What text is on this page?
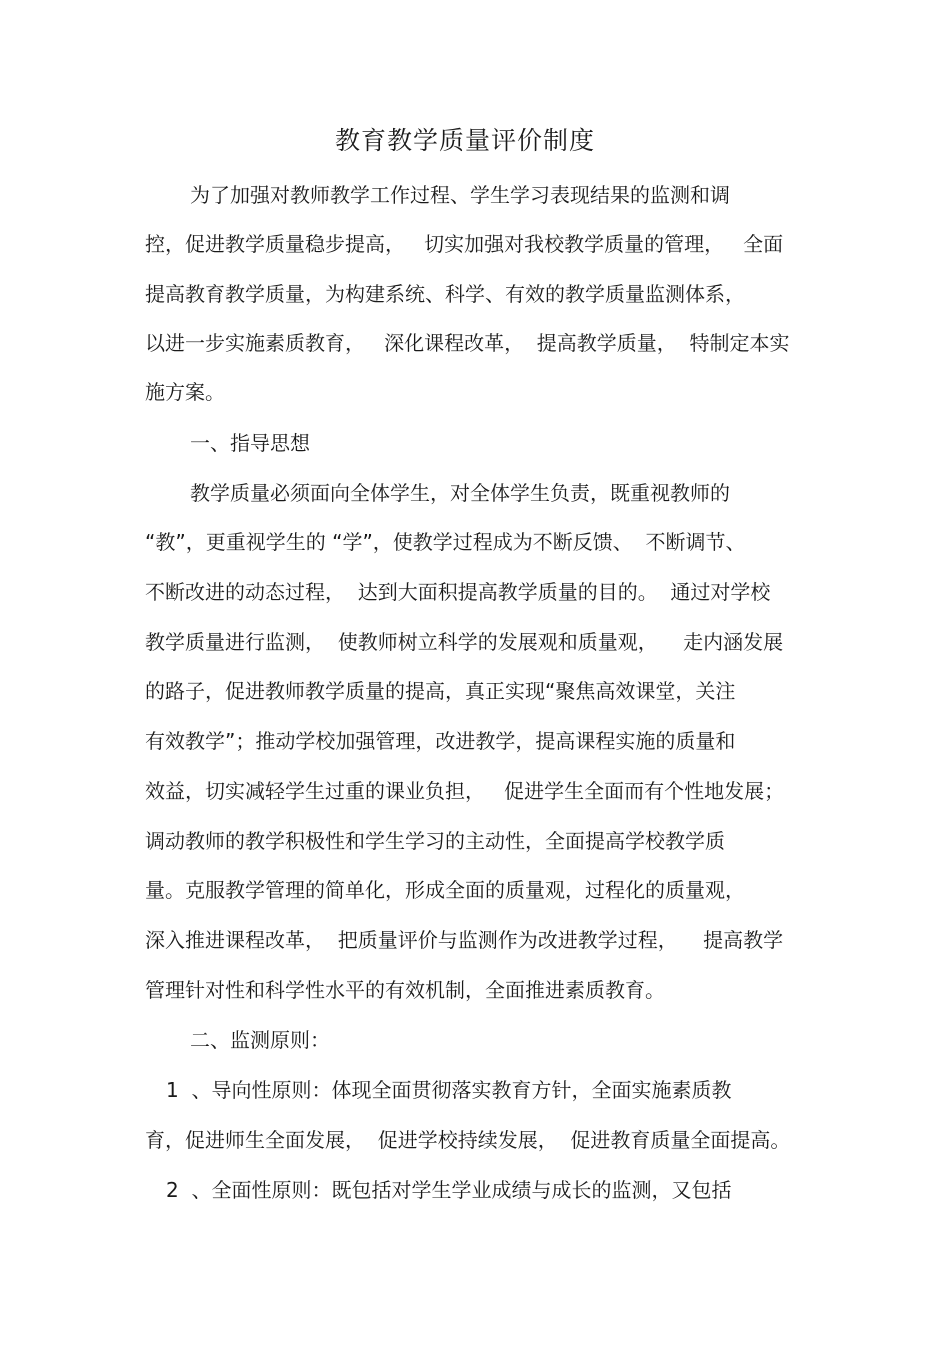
教育教学质量评价制度
为了加强对教师教学工作过程、学生学习表现结果的监测和调
控，促进教学质量稳步提高，   切实加强对我校教学质量的管理，   全面
提高教育教学质量，为构建系统、科学、有效的教学质量监测体系，
以进一步实施素质教育，   深化课程改革，  提高教学质量，  特制定本实
施方案。
一、指导思想
教学质量必须面向全体学生，对全体学生负责，既重视教师的
“教”，更重视学生的 “学”，使教学过程成为不断反馈、  不断调节、
不断改进的动态过程，  达到大面积提高教学质量的目的。  通过对学校
教学质量进行监测，  使教师树立科学的发展观和质量观，    走内涵发展
的路子，促进教师教学质量的提高，真正实现“聚焦高效课堂，关注
有效教学”；推动学校加强管理，改进教学，提高课程实施的质量和
效益，切实减轻学生过重的课业负担，   促进学生全面而有个性地发展；
调动教师的教学积极性和学生学习的主动性，全面提高学校教学质
量。克服教学管理的简单化，形成全面的质量观，过程化的质量观，
深入推进课程改革，  把质量评价与监测作为改进教学过程，    提高教学
管理针对性和科学性水平的有效机制，全面推进素质教育。
二、监测原则：
1  、导向性原则：体现全面贯彻落实教育方针，全面实施素质教
育，促进师生全面发展，  促进学校持续发展，  促进教育质量全面提高。
2  、全面性原则：既包括对学生学业成绩与成长的监测，又包括
